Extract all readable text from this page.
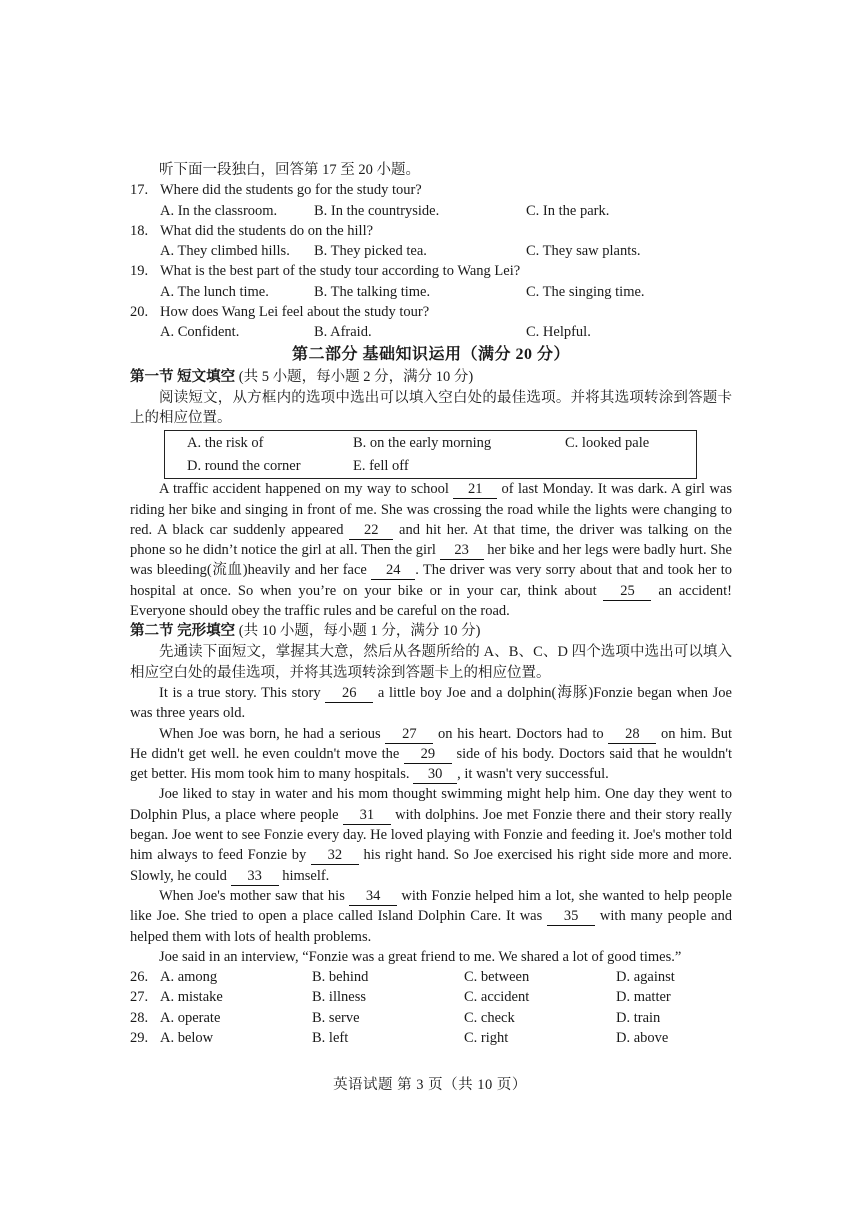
听下面一段独白，回答第 17 至 20 小题。
17. Where did the students go for the study tour?
A. In the classroom.	B. In the countryside.	C. In the park.
18. What did the students do on the hill?
A. They climbed hills.	B. They picked tea.	C. They saw plants.
19. What is the best part of the study tour according to Wang Lei?
A. The lunch time.	B. The talking time.	C. The singing time.
20. How does Wang Lei feel about the study tour?
A. Confident.	B. Afraid.	C. Helpful.
第二部分 基础知识运用（满分 20 分）
第一节 短文填空 (共 5 小题，每小题 2 分，满分 10 分)
阅读短文，从方框内的选项中选出可以填入空白处的最佳选项。并将其选项转涂到答题卡上的相应位置。
A. the risk of	B. on the early morning	C. looked pale
D. round the corner	E. fell off
A traffic accident happened on my way to school 21 of last Monday. It was dark. A girl was riding her bike and singing in front of me. She was crossing the road while the lights were changing to red. A black car suddenly appeared 22 and hit her. At that time, the driver was talking on the phone so he didn’t notice the girl at all. Then the girl 23 her bike and her legs were badly hurt. She was bleeding(流血)heavily and her face 24 . The driver was very sorry about that and took her to hospital at once. So when you’re on your bike or in your car, think about 25 an accident! Everyone should obey the traffic rules and be careful on the road.
第二节 完形填空 (共 10 小题，每小题 1 分，满分 10 分)
先通读下面短文，掌握其大意，然后从各题所给的 A、B、C、D 四个选项中选出可以填入相应空白处的最佳选项，并将其选项转涂到答题卡上的相应位置。
It is a true story. This story 26 a little boy Joe and a dolphin(海豚)Fonzie began when Joe was three years old.
When Joe was born, he had a serious 27 on his heart. Doctors had to 28 on him. But He didn't get well. he even couldn't move the 29 side of his body. Doctors said that he wouldn't get better. His mom took him to many hospitals. 30 , it wasn't very successful.
Joe liked to stay in water and his mom thought swimming might help him. One day they went to Dolphin Plus, a place where people 31 with dolphins. Joe met Fonzie there and their story really began. Joe went to see Fonzie every day. He loved playing with Fonzie and feeding it. Joe's mother told him always to feed Fonzie by 32 his right hand. So Joe exercised his right side more and more. Slowly, he could 33 himself.
When Joe's mother saw that his 34 with Fonzie helped him a lot, she wanted to help people like Joe. She tried to open a place called Island Dolphin Care. It was 35 with many people and helped them with lots of health problems.
Joe said in an interview, “Fonzie was a great friend to me. We shared a lot of good times.”
26. A. among	B. behind	C. between	D. against
27. A. mistake	B. illness	C. accident	D. matter
28. A. operate	B. serve	C. check	D. train
29. A. below	B. left	C. right	D. above
英语试题 第 3 页（共 10 页）
